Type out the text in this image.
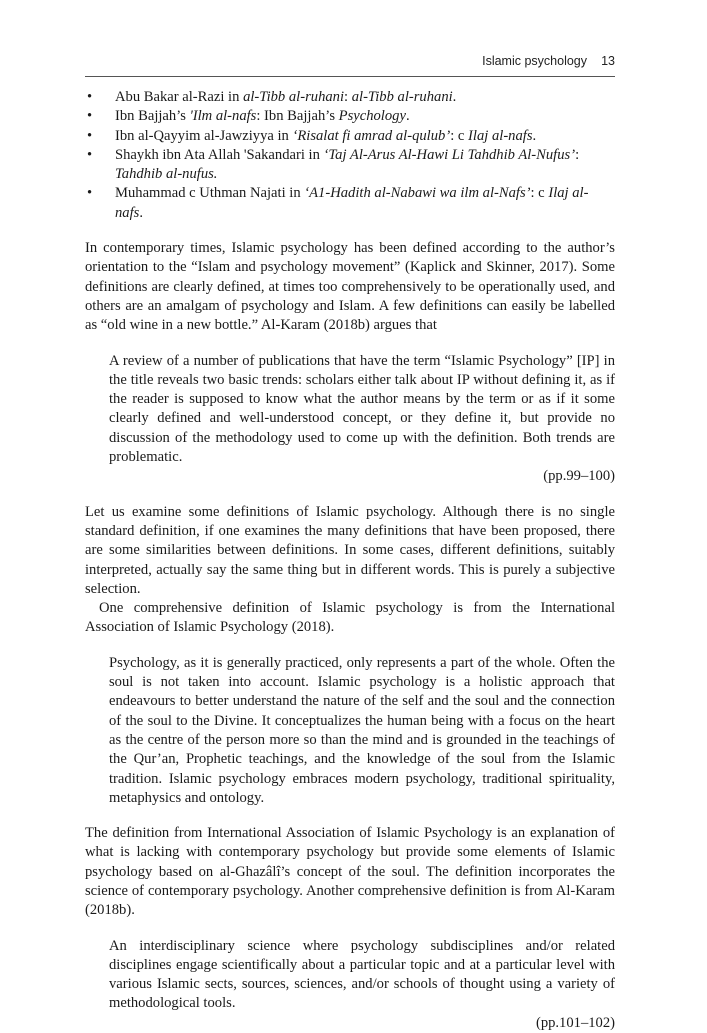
Islamic psychology 13
• Abu Bakar al-Razi in al-Tibb al-ruhani: al-Tibb al-ruhani.
• Ibn Bajjah’s 'Ilm al-nafs: Ibn Bajjah’s Psychology.
• Ibn al-Qayyim al-Jawziyya in ‘Risalat fi amrad al-qulub’: c Ilaj al-nafs.
• Shaykh ibn Ata Allah 'Sakandari in ‘Taj Al-Arus Al-Hawi Li Tahdhib Al-Nufus’: Tahdhib al-nufus.
• Muhammad c Uthman Najati in ‘A1-Hadith al-Nabawi wa ilm al-Nafs’: c Ilaj al-nafs.

In contemporary times, Islamic psychology has been defined according to the author’s orientation to the “Islam and psychology movement” (Kaplick and Skinner, 2017). Some definitions are clearly defined, at times too comprehensively to be operationally used, and others are an amalgam of psychology and Islam. A few definitions can easily be labelled as “old wine in a new bottle.” Al-Karam (2018b) argues that

A review of a number of publications that have the term “Islamic Psychology” [IP] in the title reveals two basic trends: scholars either talk about IP without defining it, as if the reader is supposed to know what the author means by the term or as if it some clearly defined and well-understood concept, or they define it, but provide no discussion of the methodology used to come up with the definition. Both trends are problematic.

(pp.99–100)

Let us examine some definitions of Islamic psychology. Although there is no single standard definition, if one examines the many definitions that have been proposed, there are some similarities between definitions. In some cases, different definitions, suitably interpreted, actually say the same thing but in different words. This is purely a subjective selection.

One comprehensive definition of Islamic psychology is from the International Association of Islamic Psychology (2018).

Psychology, as it is generally practiced, only represents a part of the whole. Often the soul is not taken into account. Islamic psychology is a holistic approach that endeavours to better understand the nature of the self and the soul and the connection of the soul to the Divine. It conceptualizes the human being with a focus on the heart as the centre of the person more so than the mind and is grounded in the teachings of the Qur’an, Prophetic teachings, and the knowledge of the soul from the Islamic tradition. Islamic psychology embraces modern psychology, traditional spirituality, metaphysics and ontology.

The definition from International Association of Islamic Psychology is an explanation of what is lacking with contemporary psychology but provide some elements of Islamic psychology based on al-Ghazâlî’s concept of the soul. The definition incorporates the science of contemporary psychology. Another comprehensive definition is from Al-Karam (2018b).

An interdisciplinary science where psychology subdisciplines and/or related disciplines engage scientifically about a particular topic and at a particular level with various Islamic sects, sources, sciences, and/or schools of thought using a variety of methodological tools.

(pp.101–102)
